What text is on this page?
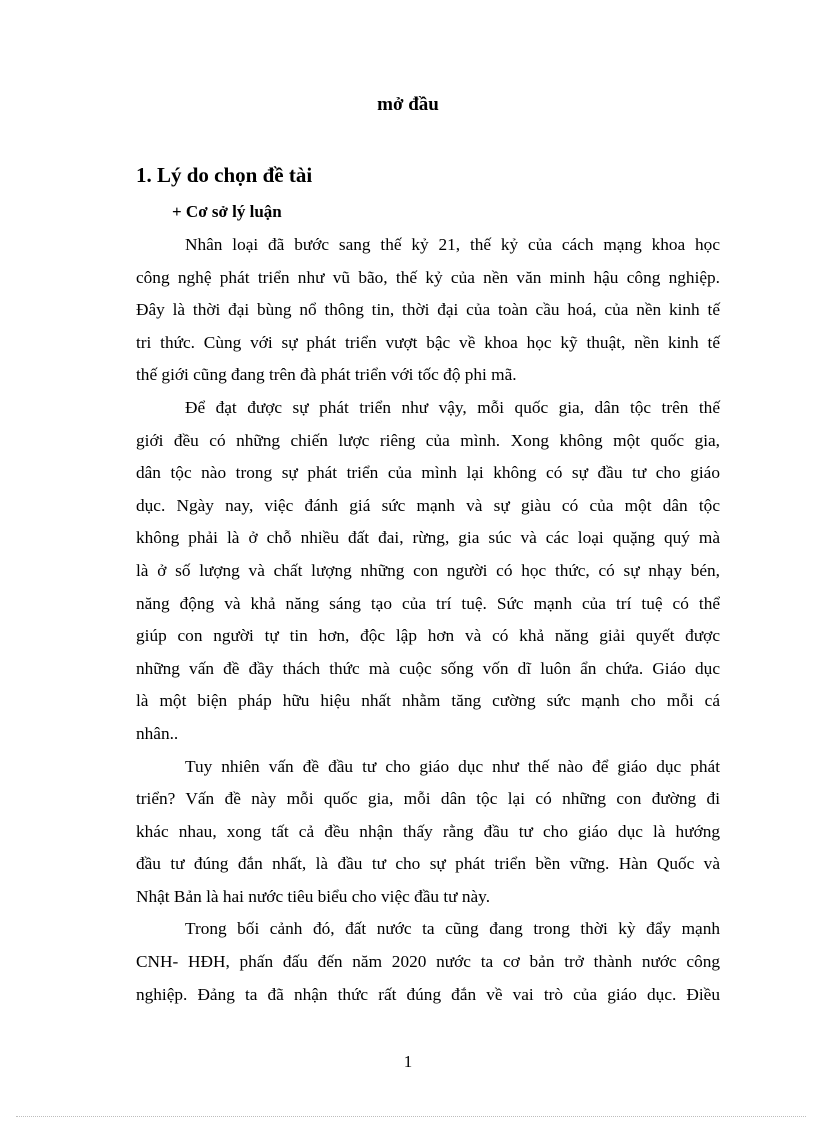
mở đầu
1. Lý do chọn đề tài
+ Cơ sở lý luận

Nhân loại đã bước sang thế kỷ 21, thế kỷ của cách mạng khoa học
công nghệ phát triển như vũ bão, thế kỷ của nền văn minh hậu công nghiệp.
Đây là thời đại bùng nổ thông tin, thời đại của toàn cầu hoá, của nền kinh tế
tri thức. Cùng với sự phát triển vượt bậc về khoa học kỹ thuật, nền kinh tế
thế giới cũng đang trên đà phát triển với tốc độ phi mã.

Để đạt được sự phát triển như vậy, mỗi quốc gia, dân tộc trên thế
giới đều có những chiến lược riêng của mình. Xong không một quốc gia,
dân tộc nào trong sự phát triển của mình lại không có sự đầu tư cho giáo
dục. Ngày nay, việc đánh giá sức mạnh và sự giàu có của một dân tộc
không phải là ở chỗ nhiều đất đai, rừng, gia súc và các loại quặng quý mà
là ở số lượng và chất lượng những con người có học thức, có sự nhạy bén,
năng động và khả năng sáng tạo của trí tuệ. Sức mạnh của trí tuệ có thể
giúp con người tự tin hơn, độc lập hơn và có khả năng giải quyết được
những vấn đề đầy thách thức mà cuộc sống vốn dĩ luôn ẩn chứa. Giáo dục
là một biện pháp hữu hiệu nhất nhằm tăng cường sức mạnh cho mỗi cá
nhân..

Tuy nhiên vấn đề đầu tư cho giáo dục như thế nào để giáo dục phát
triển? Vấn đề này mỗi quốc gia, mỗi dân tộc lại có những con đường đi
khác nhau, xong tất cả đều nhận thấy rằng đầu tư cho giáo dục là hướng
đầu tư đúng đắn nhất, là đầu tư cho sự phát triển bền vững. Hàn Quốc và
Nhật Bản là hai nước tiêu biểu cho việc đầu tư này.

Trong bối cảnh đó, đất nước ta cũng đang trong thời kỳ đẩy mạnh
CNH- HĐH, phấn đấu đến năm 2020 nước ta cơ bản trở thành nước công
nghiệp. Đảng ta đã nhận thức rất đúng đắn về vai trò của giáo dục. Điều

1
